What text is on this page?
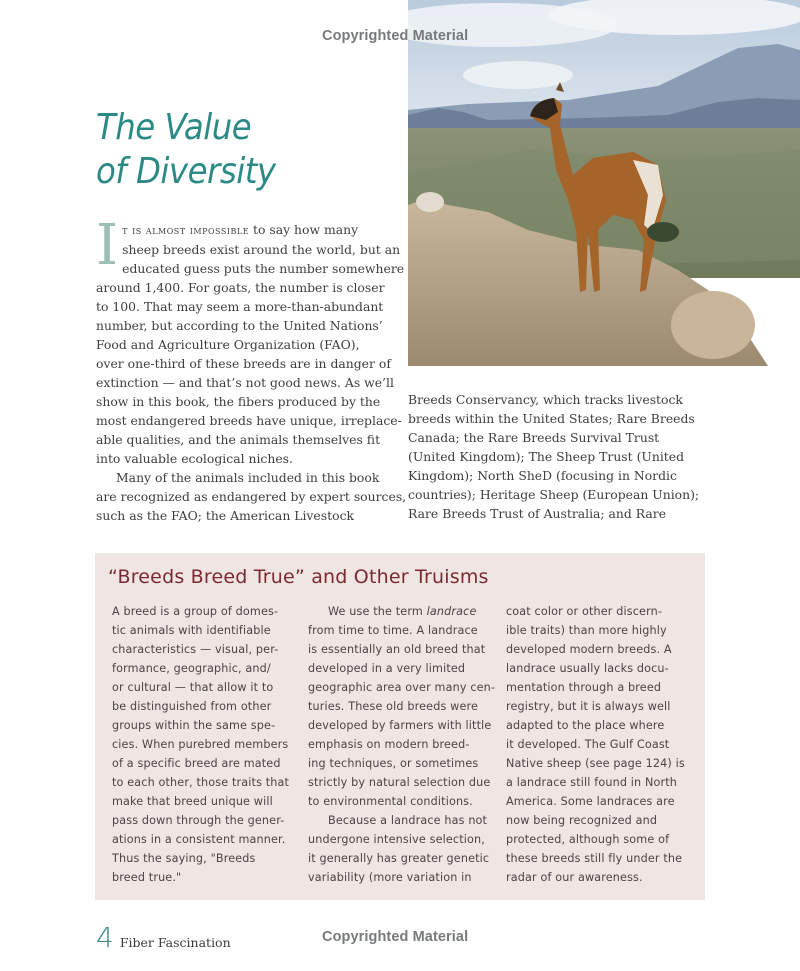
Copyrighted Material
The Value
of Diversity
I t is almost impossible to say how many
sheep breeds exist around the world, but an
educated guess puts the number somewhere
around 1,400. For goats, the number is closer
to 100. That may seem a more-than-abundant
number, but according to the United Nations’
Food and Agriculture Organization (FAO),
over one-third of these breeds are in danger of
extinction — and that’s not good news. As we’ll
show in this book, the fibers produced by the
most endangered breeds have unique, irreplace-
able qualities, and the animals themselves fit
into valuable ecological niches.
Many of the animals included in this book
are recognized as endangered by expert sources,
such as the FAO; the American Livestock
Breeds Conservancy, which tracks livestock
breeds within the United States; Rare Breeds
Canada; the Rare Breeds Survival Trust
(United Kingdom); The Sheep Trust (United
Kingdom); North SheD (focusing in Nordic
countries); Heritage Sheep (European Union);
Rare Breeds Trust of Australia; and Rare
“Breeds Breed True” and Other Truisms
A breed is a group of domes-
tic animals with identifiable
characteristics — visual, per-
formance, geographic, and/
or cultural — that allow it to
be distinguished from other
groups within the same spe-
cies. When purebred members
of a specific breed are mated
to each other, those traits that
make that breed unique will
pass down through the gener-
ations in a consistent manner.
Thus the saying, "Breeds
breed true."
We use the term landrace
from time to time. A landrace
is essentially an old breed that
developed in a very limited
geographic area over many cen-
turies. These old breeds were
developed by farmers with little
emphasis on modern breed-
ing techniques, or sometimes
strictly by natural selection due
to environmental conditions.
Because a landrace has not
undergone intensive selection,
it generally has greater genetic
variability (more variation in
coat color or other discern-
ible traits) than more highly
developed modern breeds. A
landrace usually lacks docu-
mentation through a breed
registry, but it is always well
adapted to the place where
it developed. The Gulf Coast
Native sheep (see page 124) is
a landrace still found in North
America. Some landraces are
now being recognized and
protected, although some of
these breeds still fly under the
radar of our awareness.
4 Fiber Fascination	Copyrighted Material
